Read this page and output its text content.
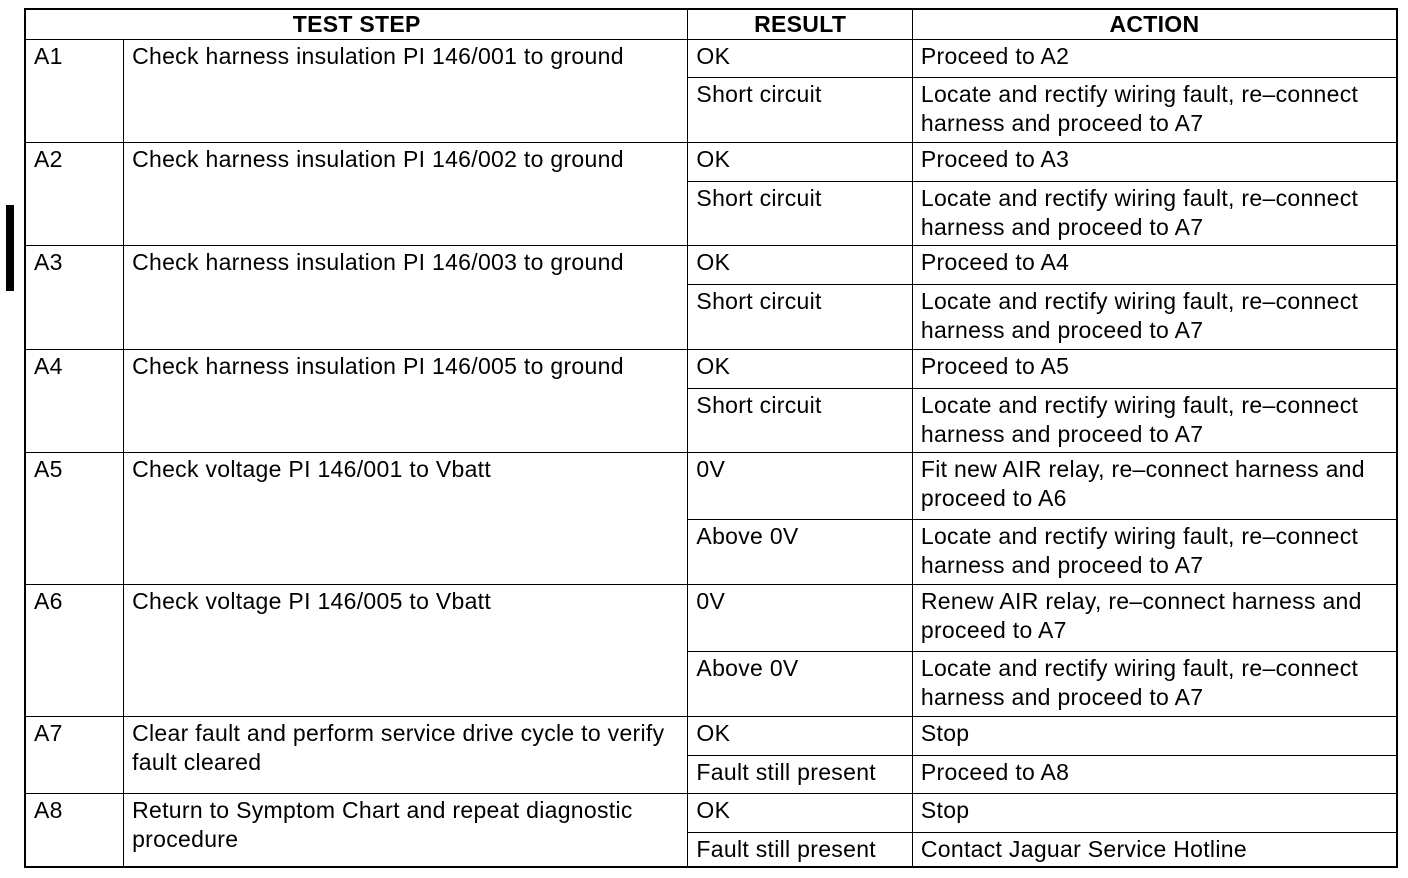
TEST STEP		RESULT	ACTION
A1	Check harness insulation PI 146/001 to ground	OK	Proceed to A2
		Short circuit	Locate and rectify wiring fault, re–connect harness and proceed to A7
A2	Check harness insulation PI 146/002 to ground	OK	Proceed to A3
		Short circuit	Locate and rectify wiring fault, re–connect harness and proceed to A7
A3	Check harness insulation PI 146/003 to ground	OK	Proceed to A4
		Short circuit	Locate and rectify wiring fault, re–connect harness and proceed to A7
A4	Check harness insulation PI 146/005 to ground	OK	Proceed to A5
		Short circuit	Locate and rectify wiring fault, re–connect harness and proceed to A7
A5	Check voltage PI 146/001 to Vbatt	0V	Fit new AIR relay, re–connect harness and proceed to A6
		Above 0V	Locate and rectify wiring fault, re–connect harness and proceed to A7
A6	Check voltage PI 146/005 to Vbatt	0V	Renew AIR relay, re–connect harness and proceed to A7
		Above 0V	Locate and rectify wiring fault, re–connect harness and proceed to A7
A7	Clear fault and perform service drive cycle to verify fault cleared	OK	Stop
		Fault still present	Proceed to A8
A8	Return to Symptom Chart and repeat diagnostic procedure	OK	Stop
		Fault still present	Contact Jaguar Service Hotline
